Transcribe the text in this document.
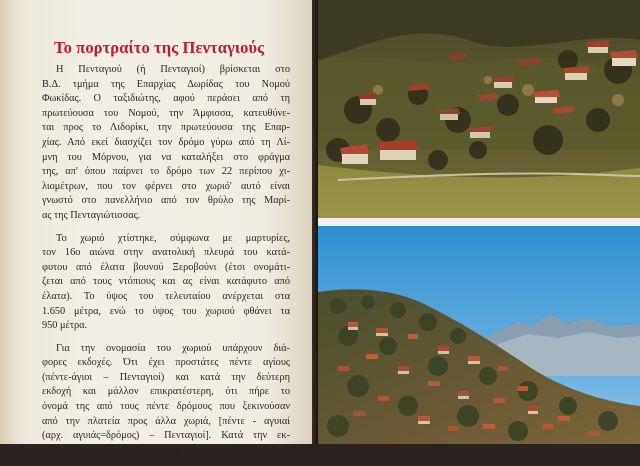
Το πορτραίτο της Πενταγιούς

Η Πενταγιού (ή Πενταγιοί) βρίσκεται στο
Β.Δ. τμήμα της Επαρχίας Δωρίδας του Νομού
Φωκίδας. Ο ταξιδιώτης, αφού περάσει από τη
πρωτεύουσα του Νομού, την Άμφισσα, κατευθύνε-
ται προς το Λιδορίκι, την πρωτεύουσα της Επαρ-
χίας. Από εκεί διασχίζει τον δρόμο γύρω από τη Λί-
μνη του Μόρνου, για να καταλήξει στο φράγμα
της, απ' όπου παίρνει το δρόμο των 22 περίπου χι-
λιομέτρων, που τον φέρνει στο χωριό' αυτό είναι
γνωστό στο πανελλήνιο από τον θρύλο της Μαρί-
ας της Πενταγιώτισσας.

Το χωριό χτίστηκε, σύμφωνα με μαρτυρίες,
τον 16ο αιώνα στην ανατολική πλευρά του κατά-
φυτου από έλατα βουνού Ξεροβούνι (έτσι ονομάτι-
ζεται από τους ντόπιους και ας είναι κατάφυτο από
έλατα). Το ύψος του τελευταίου ανέρχεται στα
1.650 μέτρα, ενώ το ύψος του χωριού φθάνει τα
950 μέτρα.

Για την ονομασία του χωριού υπάρχουν διά-
φορες εκδοχές. Ότι έχει προστάτες πέντε αγίους
(πέντε-άγιοι – Πενταγιοί) και κατά την δεύτερη
εκδοχή και μάλλον επικρατέστερη, ότι πήρε το
όνομά της από τους πέντε δρόμους που ξεκινούσαν
από την πλατεία προς άλλα χωριά, [πέντε - αγυιαί
(αρχ. αγυιάς=δρόμος) – Πενταγιοί]. Κατά την εκ-
δοχή πάλι του κ. Παπαγεωργίου, η Πενταγιού
